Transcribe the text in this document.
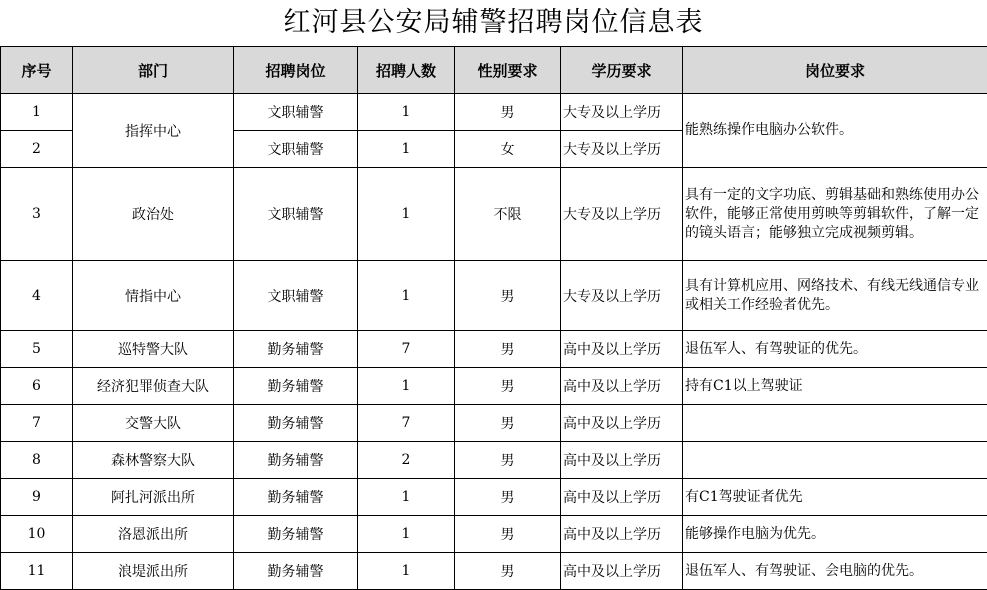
红河县公安局辅警招聘岗位信息表
序号	部门	招聘岗位	招聘人数	性别要求	学历要求	岗位要求
1	指挥中心	文职辅警	1	男	大专及以上学历	能熟练操作电脑办公软件。
2		文职辅警	1	女	大专及以上学历	
3	政治处	文职辅警	1	不限	大专及以上学历	具有一定的文字功底、剪辑基础和熟练使用办公软件，能够正常使用剪映等剪辑软件，了解一定的镜头语言；能够独立完成视频剪辑。
4	情指中心	文职辅警	1	男	大专及以上学历	具有计算机应用、网络技术、有线无线通信专业或相关工作经验者优先。
5	巡特警大队	勤务辅警	7	男	高中及以上学历	退伍军人、有驾驶证的优先。
6	经济犯罪侦查大队	勤务辅警	1	男	高中及以上学历	持有C1以上驾驶证
7	交警大队	勤务辅警	7	男	高中及以上学历	
8	森林警察大队	勤务辅警	2	男	高中及以上学历	
9	阿扎河派出所	勤务辅警	1	男	高中及以上学历	有C1驾驶证者优先
10	洛恩派出所	勤务辅警	1	男	高中及以上学历	能够操作电脑为优先。
11	浪堤派出所	勤务辅警	1	男	高中及以上学历	退伍军人、有驾驶证、会电脑的优先。
